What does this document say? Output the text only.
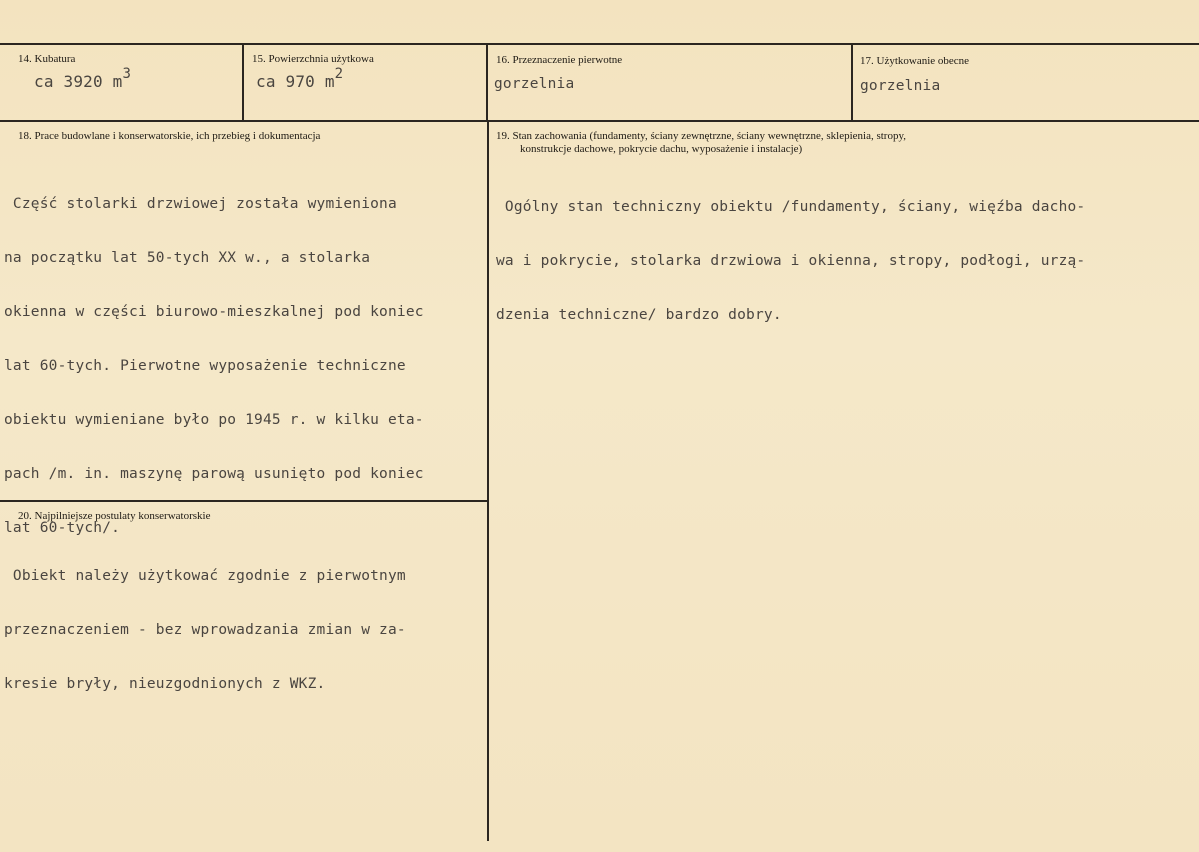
14. Kubatura
ca 3920 m3
15. Powierzchnia użytkowa
ca 970 m2
16. Przeznaczenie pierwotne
gorzelnia
17. Użytkowanie obecne
gorzelnia
18. Prace budowlane i konserwatorskie, ich przebieg i dokumentacja

Część stolarki drzwiowej została wymieniona

na początku lat 50-tych XX w., a stolarka

okienna w części biurowo-mieszkalnej pod koniec

lat 60-tych. Pierwotne wyposażenie techniczne

obiektu wymieniane było po 1945 r. w kilku eta-

pach /m. in. maszynę parową usunięto pod koniec

lat 60-tych/.

19. Stan zachowania (fundamenty, ściany zewnętrzne, ściany wewnętrzne, sklepienia, stropy,
konstrukcje dachowe, pokrycie dachu, wyposażenie i instalacje)

Ogólny stan techniczny obiektu /fundamenty, ściany, więźba dacho-

wa i pokrycie, stolarka drzwiowa i okienna, stropy, podłogi, urzą-

dzenia techniczne/ bardzo dobry.

20. Najpilniejsze postulaty konserwatorskie

Obiekt należy użytkować zgodnie z pierwotnym

przeznaczeniem - bez wprowadzania zmian w za-

kresie bryły, nieuzgodnionych z WKZ.
